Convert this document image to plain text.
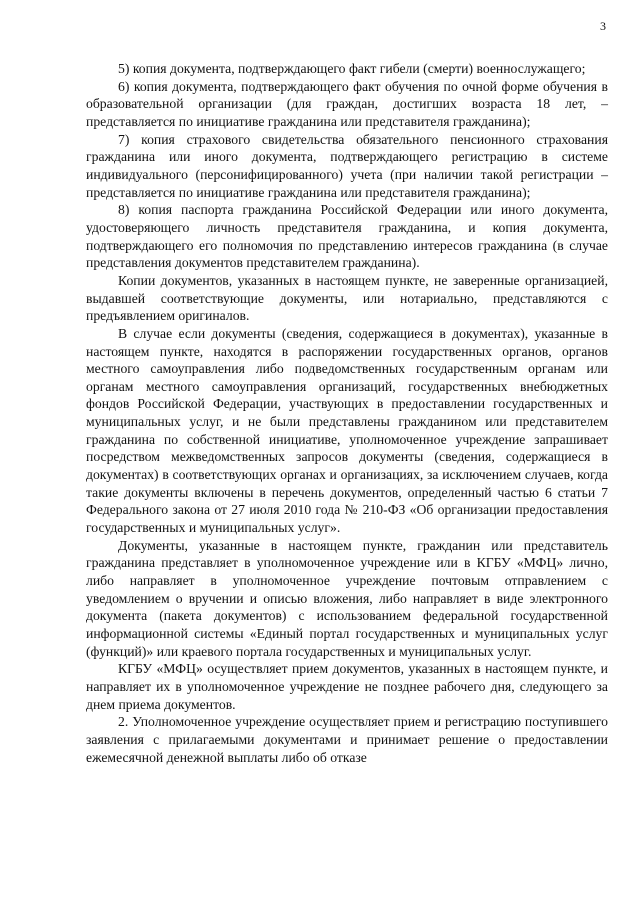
3

5) копия документа, подтверждающего факт гибели (смерти) военнослужащего;

6) копия документа, подтверждающего факт обучения по очной форме обучения в образовательной организации (для граждан, достигших возраста 18 лет, – представляется по инициативе гражданина или представителя гражданина);

7) копия страхового свидетельства обязательного пенсионного страхования гражданина или иного документа, подтверждающего регистрацию в системе индивидуального (персонифицированного) учета (при наличии такой регистрации – представляется по инициативе гражданина или представителя гражданина);

8) копия паспорта гражданина Российской Федерации или иного документа, удостоверяющего личность представителя гражданина, и копия документа, подтверждающего его полномочия по представлению интересов гражданина (в случае представления документов представителем гражданина).

Копии документов, указанных в настоящем пункте, не заверенные организацией, выдавшей соответствующие документы, или нотариально, представляются с предъявлением оригиналов.

В случае если документы (сведения, содержащиеся в документах), указанные в настоящем пункте, находятся в распоряжении государственных органов, органов местного самоуправления либо подведомственных государственным органам или органам местного самоуправления организаций, государственных внебюджетных фондов Российской Федерации, участвующих в предоставлении государственных и муниципальных услуг, и не были представлены гражданином или представителем гражданина по собственной инициативе, уполномоченное учреждение запрашивает посредством межведомственных запросов документы (сведения, содержащиеся в документах) в соответствующих органах и организациях, за исключением случаев, когда такие документы включены в перечень документов, определенный частью 6 статьи 7 Федерального закона от 27 июля 2010 года № 210-ФЗ «Об организации предоставления государственных и муниципальных услуг».

Документы, указанные в настоящем пункте, гражданин или представитель гражданина представляет в уполномоченное учреждение или в КГБУ «МФЦ» лично, либо направляет в уполномоченное учреждение почтовым отправлением с уведомлением о вручении и описью вложения, либо направляет в виде электронного документа (пакета документов) с использованием федеральной государственной информационной системы «Единый портал государственных и муниципальных услуг (функций)» или краевого портала государственных и муниципальных услуг.

КГБУ «МФЦ» осуществляет прием документов, указанных в настоящем пункте, и направляет их в уполномоченное учреждение не позднее рабочего дня, следующего за днем приема документов.

2. Уполномоченное учреждение осуществляет прием и регистрацию поступившего заявления с прилагаемыми документами и принимает решение о предоставлении ежемесячной денежной выплаты либо об отказе
